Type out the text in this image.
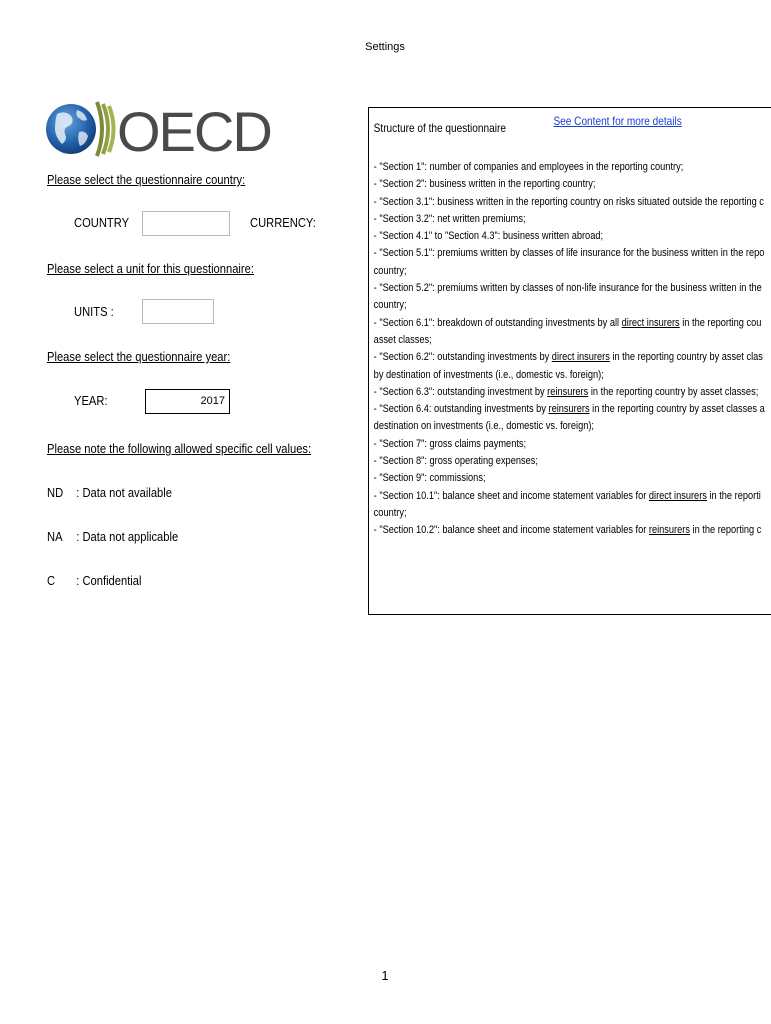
Settings
OECD
Please select the questionnaire country:
COUNTRY	CURRENCY:
Please select a unit for this questionnaire:
UNITS :
Please select the questionnaire year:
YEAR:	2017
Please note the following allowed specific cell values:
ND : Data not available
NA : Data not applicable
C : Confidential
Structure of the questionnaire	See Content for more details
- "Section 1": number of companies and employees in the reporting country;
- "Section 2": business written in the reporting country;
- "Section 3.1": business written in the reporting country on risks situated outside the reporting c
- "Section 3.2": net written premiums;
- "Section 4.1" to "Section 4.3": business written abroad;
- "Section 5.1": premiums written by classes of life insurance for the business written in the repo
country;
- "Section 5.2": premiums written by classes of non-life insurance for the business written in the
country;
- "Section 6.1": breakdown of outstanding investments by all direct insurers in the reporting cou
asset classes;
- "Section 6.2": outstanding investments by direct insurers in the reporting country by asset clas
by destination of investments (i.e., domestic vs. foreign);
- "Section 6.3": outstanding investment by reinsurers in the reporting country by asset classes;
- "Section 6.4: outstanding investments by reinsurers in the reporting country by asset classes a
destination on investments (i.e., domestic vs. foreign);
- "Section 7": gross claims payments;
- "Section 8": gross operating expenses;
- "Section 9": commissions;
- "Section 10.1": balance sheet and income statement variables for direct insurers in the reporti
country;
- "Section 10.2": balance sheet and income statement variables for reinsurers in the reporting c
1
